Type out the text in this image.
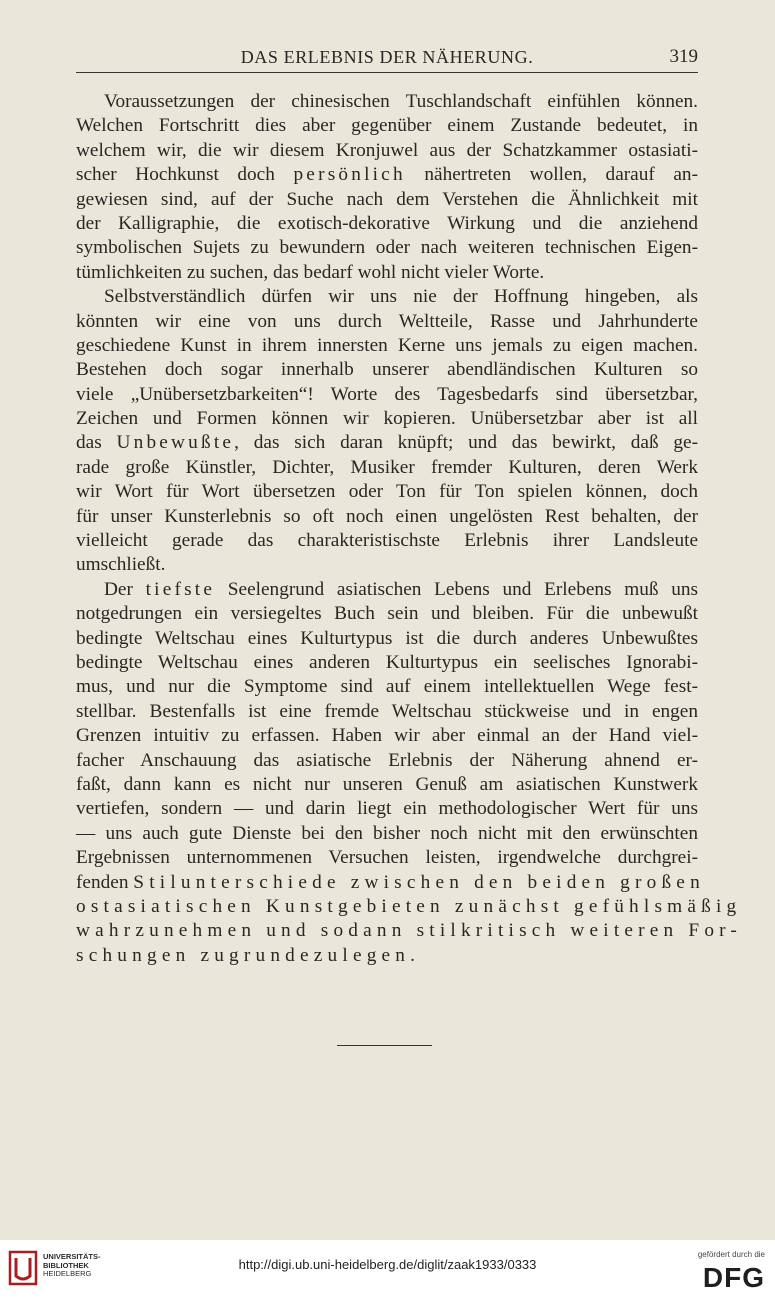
DAS ERLEBNIS DER NÄHERUNG.	319
Voraussetzungen der chinesischen Tuschlandschaft einfühlen können.
Welchen Fortschritt dies aber gegenüber einem Zustande bedeutet, in
welchem wir, die wir diesem Kronjuwel aus der Schatzkammer ostasiati-
scher Hochkunst doch persönlich nähertreten wollen, darauf an-
gewiesen sind, auf der Suche nach dem Verstehen die Ähnlichkeit mit
der Kalligraphie, die exotisch-dekorative Wirkung und die anziehend
symbolischen Sujets zu bewundern oder nach weiteren technischen Eigen-
tümlichkeiten zu suchen, das bedarf wohl nicht vieler Worte.
Selbstverständlich dürfen wir uns nie der Hoffnung hingeben, als
könnten wir eine von uns durch Weltteile, Rasse und Jahrhunderte
geschiedene Kunst in ihrem innersten Kerne uns jemals zu eigen machen.
Bestehen doch sogar innerhalb unserer abendländischen Kulturen so
viele „Unübersetzbarkeiten“! Worte des Tagesbedarfs sind übersetzbar,
Zeichen und Formen können wir kopieren. Unübersetzbar aber ist all
das Unbewußte, das sich daran knüpft; und das bewirkt, daß ge-
rade große Künstler, Dichter, Musiker fremder Kulturen, deren Werk
wir Wort für Wort übersetzen oder Ton für Ton spielen können, doch
für unser Kunsterlebnis so oft noch einen ungelösten Rest behalten, der
vielleicht gerade das charakteristischste Erlebnis ihrer Landsleute
umschließt.
Der tiefste Seelengrund asiatischen Lebens und Erlebens muß uns
notgedrungen ein versiegeltes Buch sein und bleiben. Für die unbewußt
bedingte Weltschau eines Kulturtypus ist die durch anderes Unbewußtes
bedingte Weltschau eines anderen Kulturtypus ein seelisches Ignorabi-
mus, und nur die Symptome sind auf einem intellektuellen Wege fest-
stellbar. Bestenfalls ist eine fremde Weltschau stückweise und in engen
Grenzen intuitiv zu erfassen. Haben wir aber einmal an der Hand viel-
facher Anschauung das asiatische Erlebnis der Näherung ahnend er-
faßt, dann kann es nicht nur unseren Genuß am asiatischen Kunstwerk
vertiefen, sondern — und darin liegt ein methodologischer Wert für uns
— uns auch gute Dienste bei den bisher noch nicht mit den erwünschten
Ergebnissen unternommenen Versuchen leisten, irgendwelche durchgrei-
fenden Stilunterschiede zwischen den beiden großen
ostasiatischen Kunstgebieten zunächst gefühlsmäßig
wahrzunehmen und sodann stilkritisch weiteren For-
schungen zugrundezulegen.
UNIVERSITÄTS-
BIBLIOTHEK
HEIDELBERG
http://digi.ub.uni-heidelberg.de/diglit/zaak1933/0333
gefördert durch die
DFG
